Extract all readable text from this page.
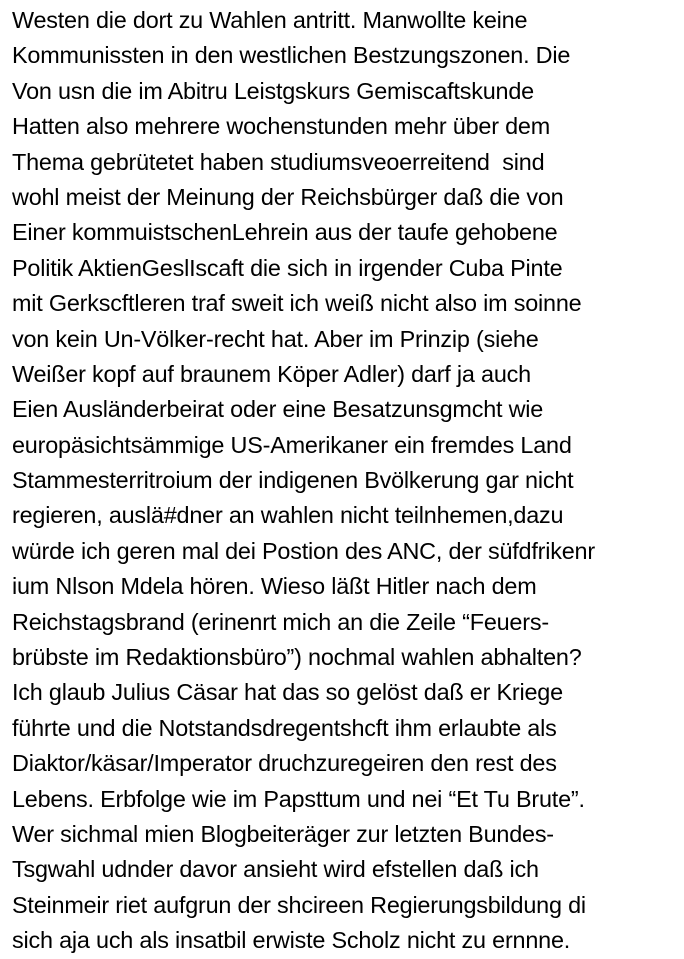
Westen die dort zu Wahlen antritt. Manwollte keine
Kommunissten in den westlichen Bestzungszonen. Die
Von usn die im Abitru Leistgskurs Gemiscaftskunde
Hatten also mehrere wochenstunden mehr über dem
Thema gebrütetet haben studiumsveoerreitend  sind
wohl meist der Meinung der Reichsbürger daß die von
Einer kommuistschenLehrein aus der taufe gehobene
Politik AktienGeslIscaft die sich in irgender Cuba Pinte
mit Gerkscftleren traf sweit ich weiß nicht also im soinne
von kein Un-Völker-recht hat. Aber im Prinzip (siehe
Weißer kopf auf braunem Köper Adler) darf ja auch
Eien Ausländerbeirat oder eine Besatzunsgmcht wie
europäsichtsämmige US-Amerikaner ein fremdes Land
Stammesterritroium der indigenen Bvölkerung gar nicht
regieren, auslä#dner an wahlen nicht teilnhemen,dazu
würde ich geren mal dei Postion des ANC, der süfdfrikenr
ium Nlson Mdela hören. Wieso läßt Hitler nach dem
Reichstagsbrand (erinenrt mich an die Zeile “Feuers-
brübste im Redaktionsbüro”) nochmal wahlen abhalten?
Ich glaub Julius Cäsar hat das so gelöst daß er Kriege
führte und die Notstandsdregentshcft ihm erlaubte als
Diaktor/käsar/Imperator druchzuregeiren den rest des
Lebens. Erbfolge wie im Papsttum und nei “Et Tu Brute”.
Wer sichmal mien Blogbeiteräger zur letzten Bundes-
Tsgwahl udnder davor ansieht wird efstellen daß ich
Steinmeir riet aufgrun der shcireen Regierungsbildung di
sich aja uch als insatbil erwiste Scholz nicht zu ernnne.
